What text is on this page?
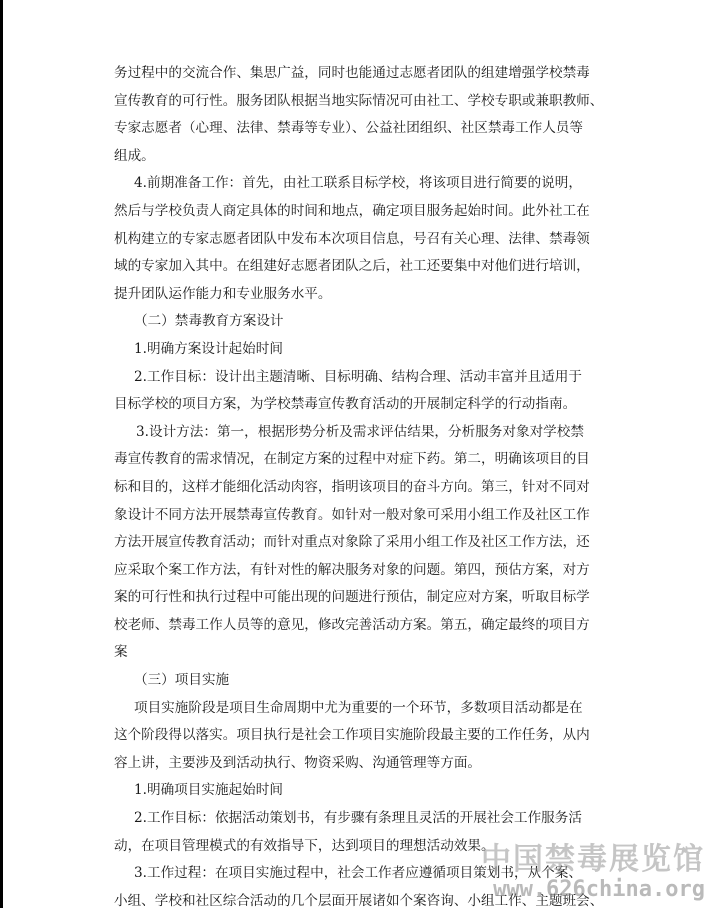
务过程中的交流合作、集思广益，同时也能通过志愿者团队的组建增强学校禁毒
宣传教育的可行性。服务团队根据当地实际情况可由社工、学校专职或兼职教师、
专家志愿者（心理、法律、禁毒等专业）、公益社团组织、社区禁毒工作人员等
组成。
4.前期准备工作：首先，由社工联系目标学校，将该项目进行简要的说明，
然后与学校负责人商定具体的时间和地点，确定项目服务起始时间。此外社工在
机构建立的专家志愿者团队中发布本次项目信息，号召有关心理、法律、禁毒领
域的专家加入其中。在组建好志愿者团队之后，社工还要集中对他们进行培训，
提升团队运作能力和专业服务水平。
（二）禁毒教育方案设计
1.明确方案设计起始时间
2.工作目标：设计出主题清晰、目标明确、结构合理、活动丰富并且适用于
目标学校的项目方案，为学校禁毒宣传教育活动的开展制定科学的行动指南。
3.设计方法：第一，根据形势分析及需求评估结果，分析服务对象对学校禁
毒宣传教育的需求情况，在制定方案的过程中对症下药。第二，明确该项目的目
标和目的，这样才能细化活动肉容，指明该项目的奋斗方向。第三，针对不同对
象设计不同方法开展禁毒宣传教育。如针对一般对象可采用小组工作及社区工作
方法开展宣传教育活动；而针对重点对象除了采用小组工作及社区工作方法，还
应采取个案工作方法，有针对性的解决服务对象的问题。第四，预估方案，对方
案的可行性和执行过程中可能出现的问题进行预估，制定应对方案，听取目标学
校老师、禁毒工作人员等的意见，修改完善活动方案。第五，确定最终的项目方
案
（三）项目实施
项目实施阶段是项目生命周期中尤为重要的一个环节，多数项目活动都是在
这个阶段得以落实。项目执行是社会工作项目实施阶段最主要的工作任务，从内
容上讲，主要涉及到活动执行、物资采购、沟通管理等方面。
1.明确项目实施起始时间
2.工作目标：依据活动策划书，有步骤有条理且灵活的开展社会工作服务活
动，在项目管理模式的有效指导下，达到项目的理想活动效果。
3.工作过程：在项目实施过程中，社会工作者应遵循项目策划书，从个案、
小组、学校和社区综合活动的几个层面开展诸如个案咨询、小组工作、主题班会、
中国禁毒展览馆
www.626china.org
